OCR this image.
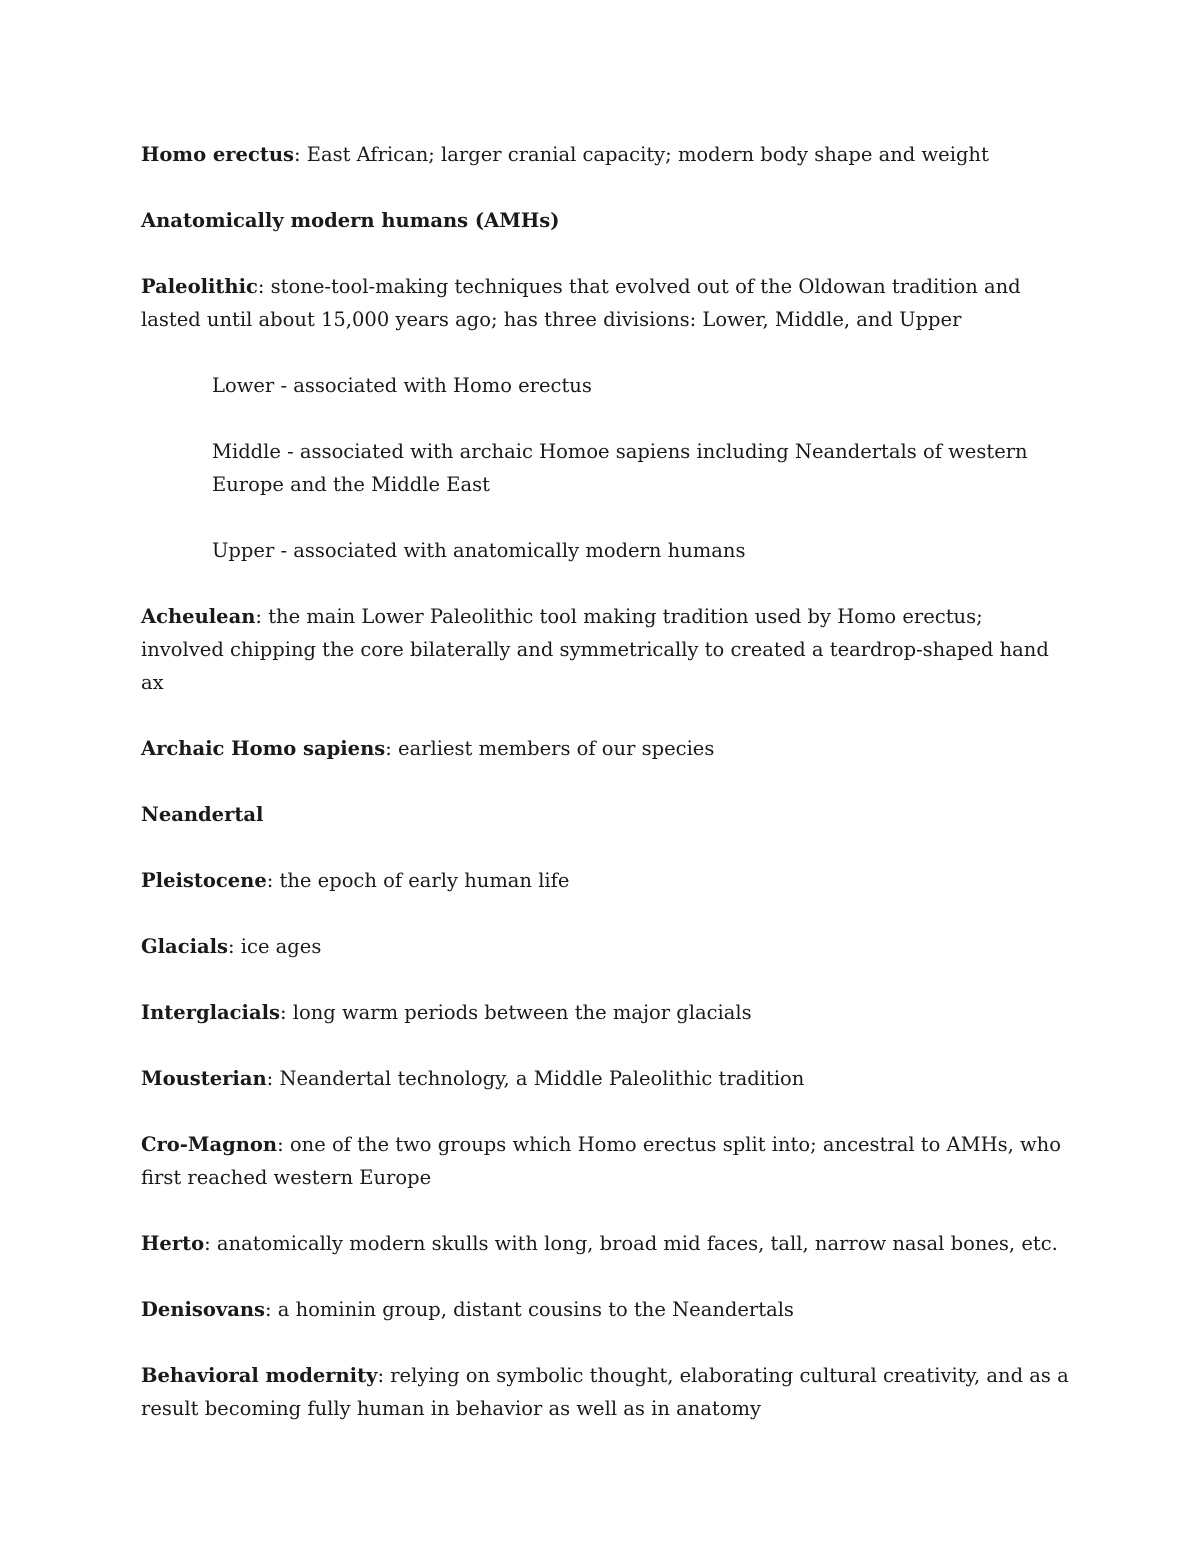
Homo erectus: East African; larger cranial capacity; modern body shape and weight

Anatomically modern humans (AMHs)

Paleolithic: stone-tool-making techniques that evolved out of the Oldowan tradition and lasted until about 15,000 years ago; has three divisions: Lower, Middle, and Upper

Lower - associated with Homo erectus

Middle - associated with archaic Homoe sapiens including Neandertals of western Europe and the Middle East

Upper - associated with anatomically modern humans

Acheulean: the main Lower Paleolithic tool making tradition used by Homo erectus; involved chipping the core bilaterally and symmetrically to created a teardrop-shaped hand ax

Archaic Homo sapiens: earliest members of our species

Neandertal

Pleistocene: the epoch of early human life

Glacials: ice ages

Interglacials: long warm periods between the major glacials

Mousterian: Neandertal technology, a Middle Paleolithic tradition

Cro-Magnon: one of the two groups which Homo erectus split into; ancestral to AMHs, who first reached western Europe

Herto: anatomically modern skulls with long, broad mid faces, tall, narrow nasal bones, etc.

Denisovans: a hominin group, distant cousins to the Neandertals

Behavioral modernity: relying on symbolic thought, elaborating cultural creativity, and as a result becoming fully human in behavior as well as in anatomy
